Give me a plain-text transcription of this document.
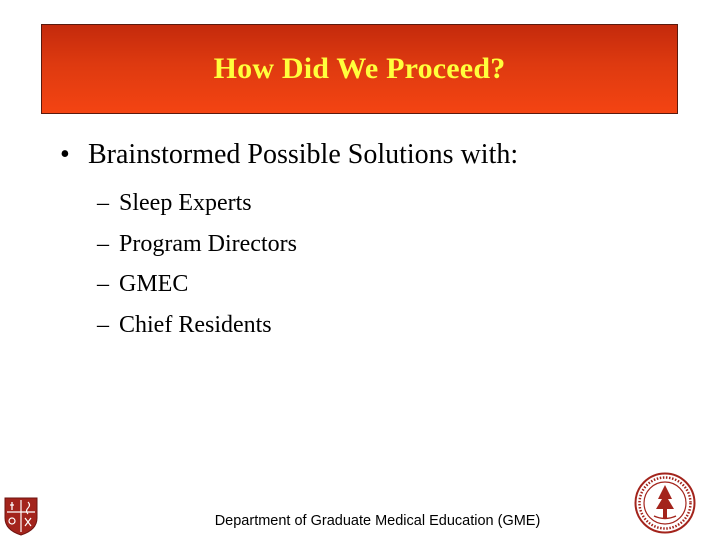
How Did We Proceed?
• Brainstormed Possible Solutions with:
– Sleep Experts
– Program Directors
– GMEC
– Chief Residents
Department of Graduate Medical Education (GME)
